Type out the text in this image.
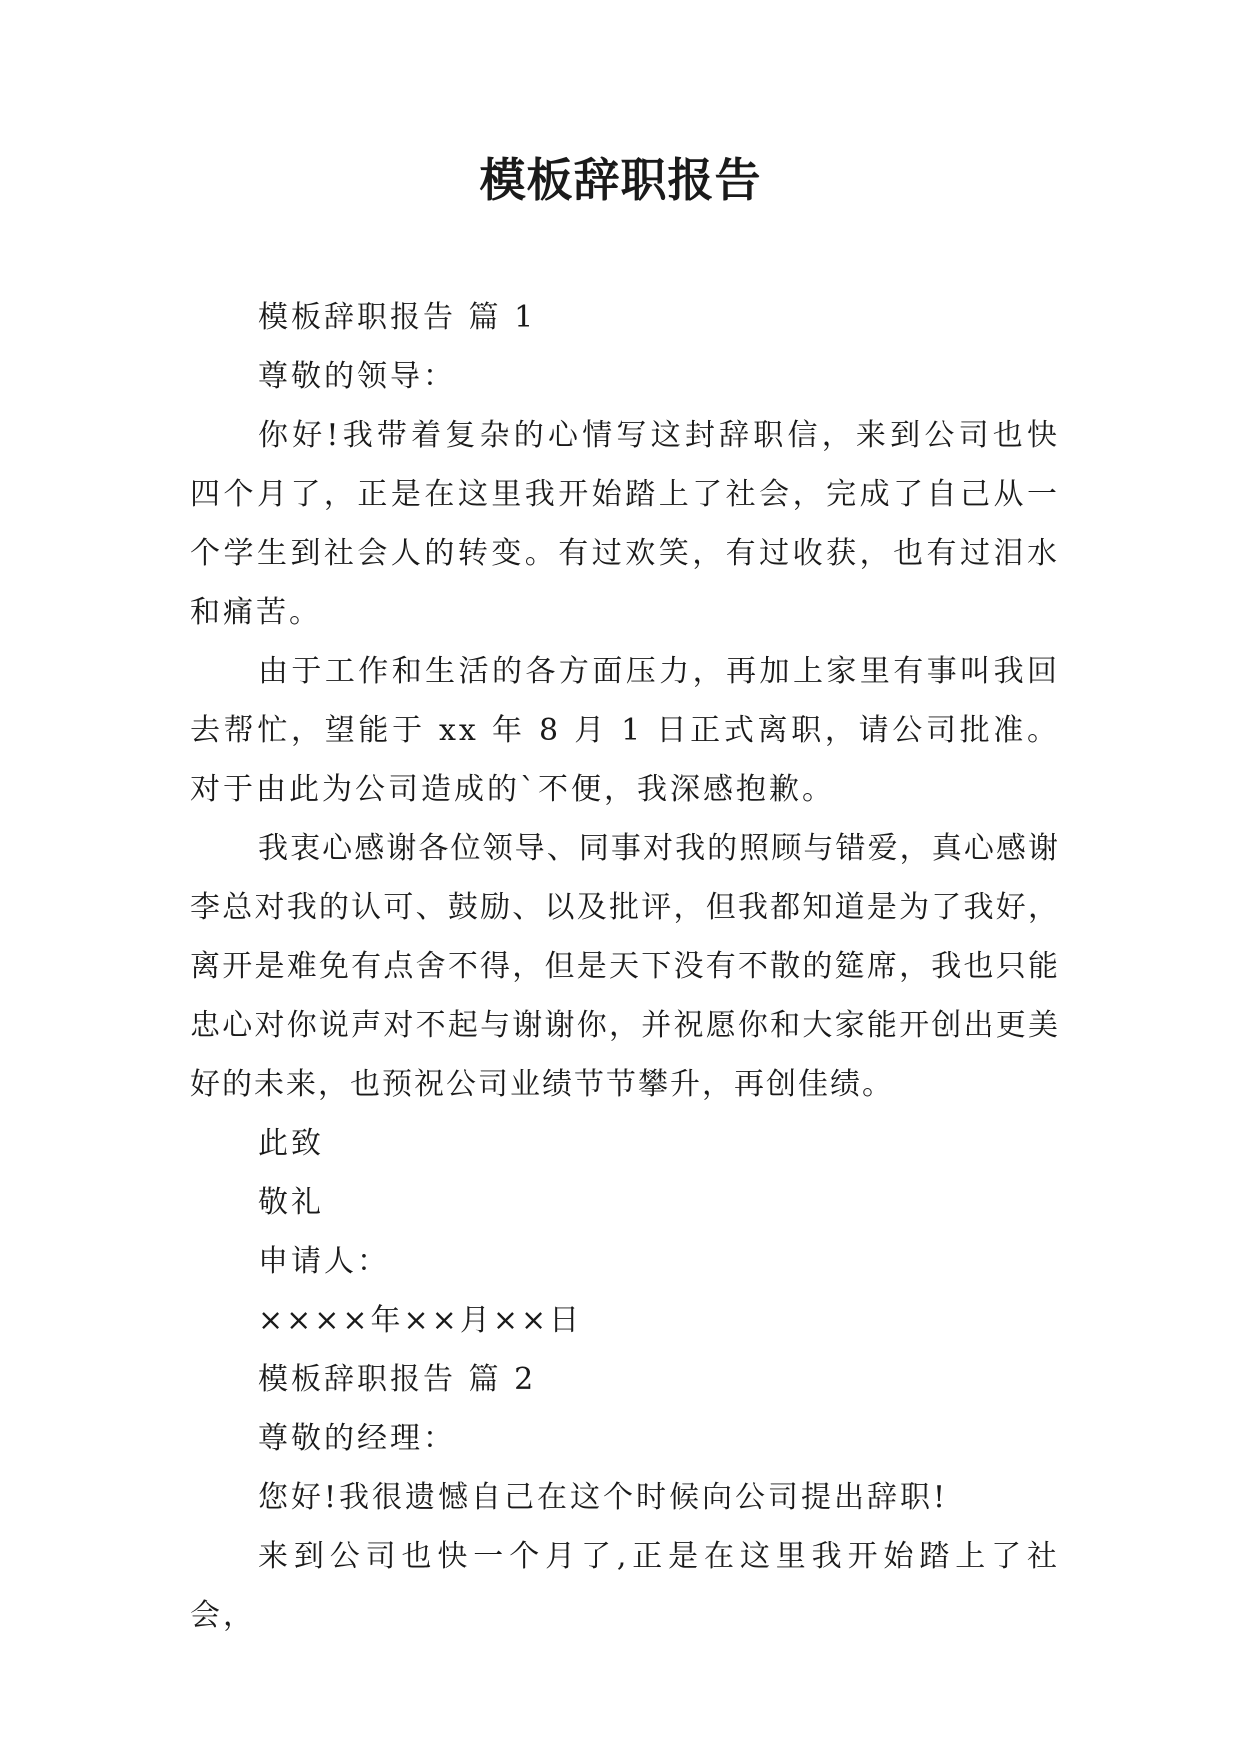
模板辞职报告

模板辞职报告 篇 1

尊敬的领导：

你好!我带着复杂的心情写这封辞职信，来到公司也快四个月了，正是在这里我开始踏上了社会，完成了自己从一个学生到社会人的转变。有过欢笑，有过收获，也有过泪水和痛苦。

由于工作和生活的各方面压力，再加上家里有事叫我回去帮忙，望能于 xx 年 8 月 1 日正式离职，请公司批准。对于由此为公司造成的`不便，我深感抱歉。

我衷心感谢各位领导、同事对我的照顾与错爱，真心感谢李总对我的认可、鼓励、以及批评，但我都知道是为了我好，离开是难免有点舍不得，但是天下没有不散的筵席，我也只能忠心对你说声对不起与谢谢你，并祝愿你和大家能开创出更美好的未来，也预祝公司业绩节节攀升，再创佳绩。

此致

敬礼

申请人：

××××年××月××日

模板辞职报告 篇 2

尊敬的经理：

您好!我很遗憾自己在这个时候向公司提出辞职!

来到公司也快一个月了,正是在这里我开始踏上了社会，
